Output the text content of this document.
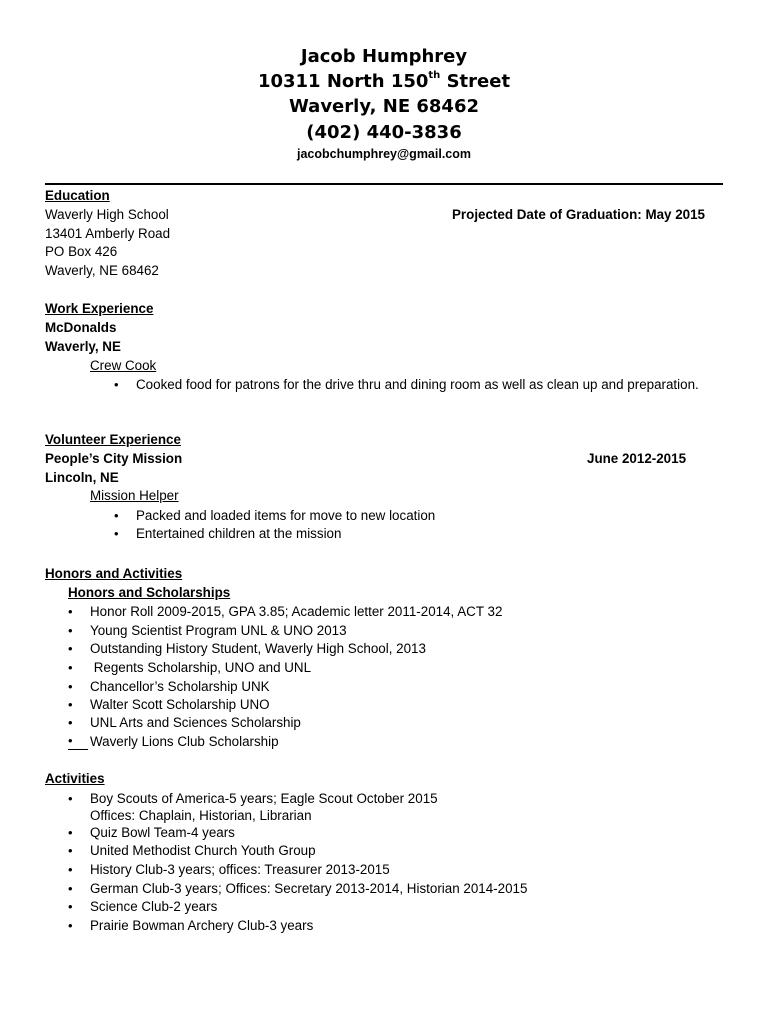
Jacob Humphrey
10311 North 150th Street
Waverly, NE 68462
(402) 440-3836
jacobchumphrey@gmail.com
Education
Waverly High School	Projected Date of Graduation: May 2015
13401 Amberly Road
PO Box 426
Waverly, NE 68462
Work Experience
McDonalds
Waverly, NE
Crew Cook
• Cooked food for patrons for the drive thru and dining room as well as clean up and preparation.
Volunteer Experience
People’s City Mission	June 2012-2015
Lincoln, NE
Mission Helper
• Packed and loaded items for move to new location
• Entertained children at the mission
Honors and Activities
Honors and Scholarships
• Honor Roll 2009-2015, GPA 3.85; Academic letter 2011-2014, ACT 32
• Young Scientist Program UNL & UNO 2013
• Outstanding History Student, Waverly High School, 2013
• Regents Scholarship, UNO and UNL
• Chancellor’s Scholarship UNK
• Walter Scott Scholarship UNO
• UNL Arts and Sciences Scholarship
•	Waverly Lions Club Scholarship
Activities
• Boy Scouts of America-5 years; Eagle Scout October 2015
Offices: Chaplain, Historian, Librarian
• Quiz Bowl Team-4 years
• United Methodist Church Youth Group
• History Club-3 years; offices: Treasurer 2013-2015
• German Club-3 years; Offices: Secretary 2013-2014, Historian 2014-2015
• Science Club-2 years
• Prairie Bowman Archery Club-3 years
